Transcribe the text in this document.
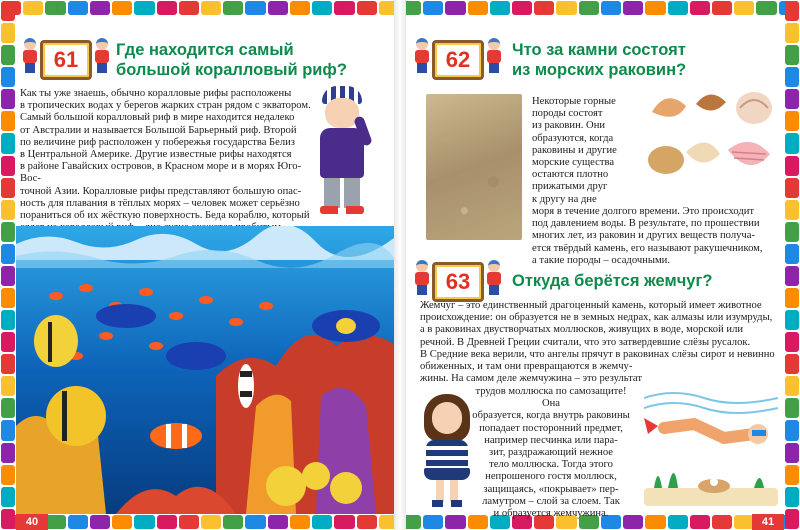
61	Где находится самый
большой коралловый риф?
Как ты уже знаешь, обычно коралловые рифы расположены
в тропических водах у берегов жарких стран рядом с экватором.
Самый большой коралловый риф в мире находится недалеко
от Австралии и называется Большой Барьерный риф. Второй
по величине риф расположен у побережья государства Белиз
в Центральной Америке. Другие известные рифы находятся
в районе Гавайских островов, в Красном море и в морях Юго-Вос-
точной Азии. Коралловые рифы представляют большую опас-
ность для плавания в тёплых морях – человек может серьёзно
пораниться об их жёсткую поверхность. Беда кораблю, который
40
62	Что за камни состоят
из морских раковин?
Некоторые горные
породы состоят
из раковин. Они
образуются, когда
раковины и другие
морские существа
остаются плотно
прижатыми друг
к другу на дне
моря в течение долгого времени. Это происходит
под давлением воды. В результате, по прошествии
многих лет, из раковин и других веществ получа-
ется твёрдый камень, его называют ракушечником,
а такие породы – осадочными.
63	Откуда берётся жемчуг?
Жемчуг – это единственный драгоценный камень, который имеет животное
происхождение: он образуется не в земных недрах, как алмазы или изумруды,
а в раковинах двустворчатых моллюсков, живущих в воде, морской или
речной. В Древней Греции считали, что это затвердевшие слёзы русалок.
В Средние века верили, что ангелы прячут в раковинах слёзы сирот и невинно
обиженных, и там они превращаются в жемчу-
жины. На самом деле жемчужина – это результат
трудов моллюска по самозащите! Она
образуется, когда внутрь раковины
попадает посторонний предмет,
например песчинка или пара-
зит, раздражающий нежное
тело моллюска. Тогда этого
непрошеного гостя моллюск,
защищаясь, «покрывает» пер-
ламутром – слой за слоем. Так
и образуется жемчужина.
41
